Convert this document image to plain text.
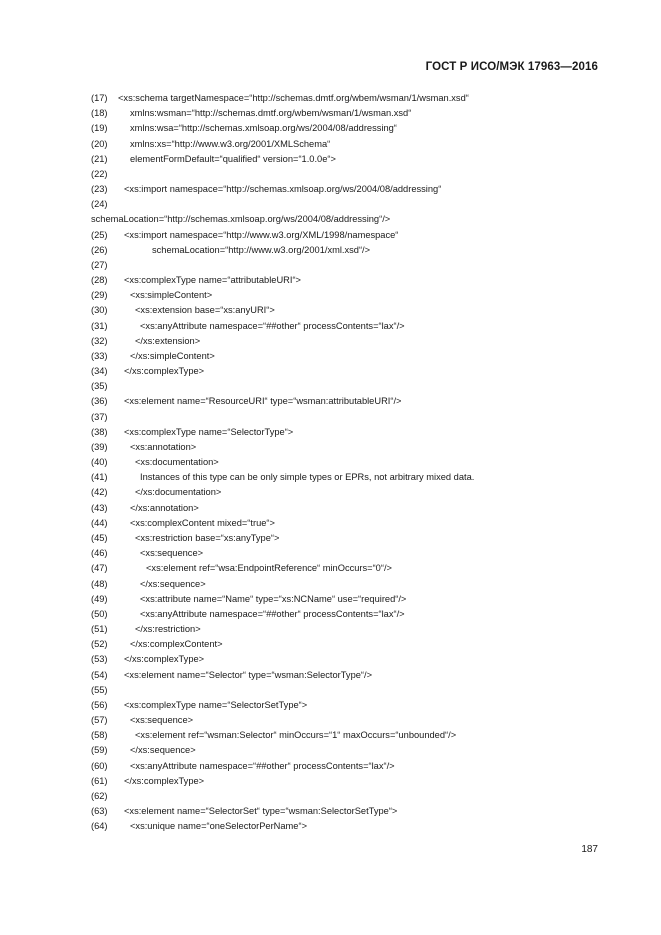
ГОСТ Р ИСО/МЭК 17963—2016
(17) <xs:schema targetNamespace=“http://schemas.dmtf.org/wbem/wsman/1/wsman.xsd“
(18) xmlns:wsman=“http://schemas.dmtf.org/wbem/wsman/1/wsman.xsd“
(19) xmlns:wsa=“http://schemas.xmlsoap.org/ws/2004/08/addressing“
(20) xmlns:xs=“http://www.w3.org/2001/XMLSchema“
(21) elementFormDefault=“qualified“ version=“1.0.0e“>
(22)
(23) <xs:import namespace=“http://schemas.xmlsoap.org/ws/2004/08/addressing“
(24)
schemaLocation=“http://schemas.xmlsoap.org/ws/2004/08/addressing“/>
(25) <xs:import namespace=“http://www.w3.org/XML/1998/namespace“
(26)	schemaLocation=“http://www.w3.org/2001/xml.xsd“/>
(27)
(28) <xs:complexType name=“attributableURI“>
(29) <xs:simpleContent>
(30)	<xs:extension base=“xs:anyURI“>
(31)	<xs:anyAttribute namespace=“##other“ processContents=“lax“/>
(32)	</xs:extension>
(33) </xs:simpleContent>
(34) </xs:complexType>
(35)
(36) <xs:element name=“ResourceURI“ type=“wsman:attributableURI“/>
(37)
(38) <xs:complexType name=“SelectorType“>
(39) <xs:annotation>
(40)	<xs:documentation>
(41)	Instances of this type can be only simple types or EPRs, not arbitrary mixed data.
(42)	</xs:documentation>
(43) </xs:annotation>
(44) <xs:complexContent mixed=“true“>
(45)	<xs:restriction base=“xs:anyType“>
(46)	<xs:sequence>
(47)	<xs:element ref=“wsa:EndpointReference“ minOccurs=“0“/>
(48)	</xs:sequence>
(49)	<xs:attribute name=“Name“ type=“xs:NCName“ use=“required“/>
(50)	<xs:anyAttribute namespace=“##other“ processContents=“lax“/>
(51)	</xs:restriction>
(52) </xs:complexContent>
(53) </xs:complexType>
(54) <xs:element name=“Selector“ type=“wsman:SelectorType“/>
(55)
(56) <xs:complexType name=“SelectorSetType“>
(57) <xs:sequence>
(58)	<xs:element ref=“wsman:Selector“ minOccurs=“1“ maxOccurs=“unbounded“/>
(59) </xs:sequence>
(60) <xs:anyAttribute namespace=“##other“ processContents=“lax“/>
(61) </xs:complexType>
(62)
(63) <xs:element name=“SelectorSet“ type=“wsman:SelectorSetType“>
(64) <xs:unique name=“oneSelectorPerName“>
187
